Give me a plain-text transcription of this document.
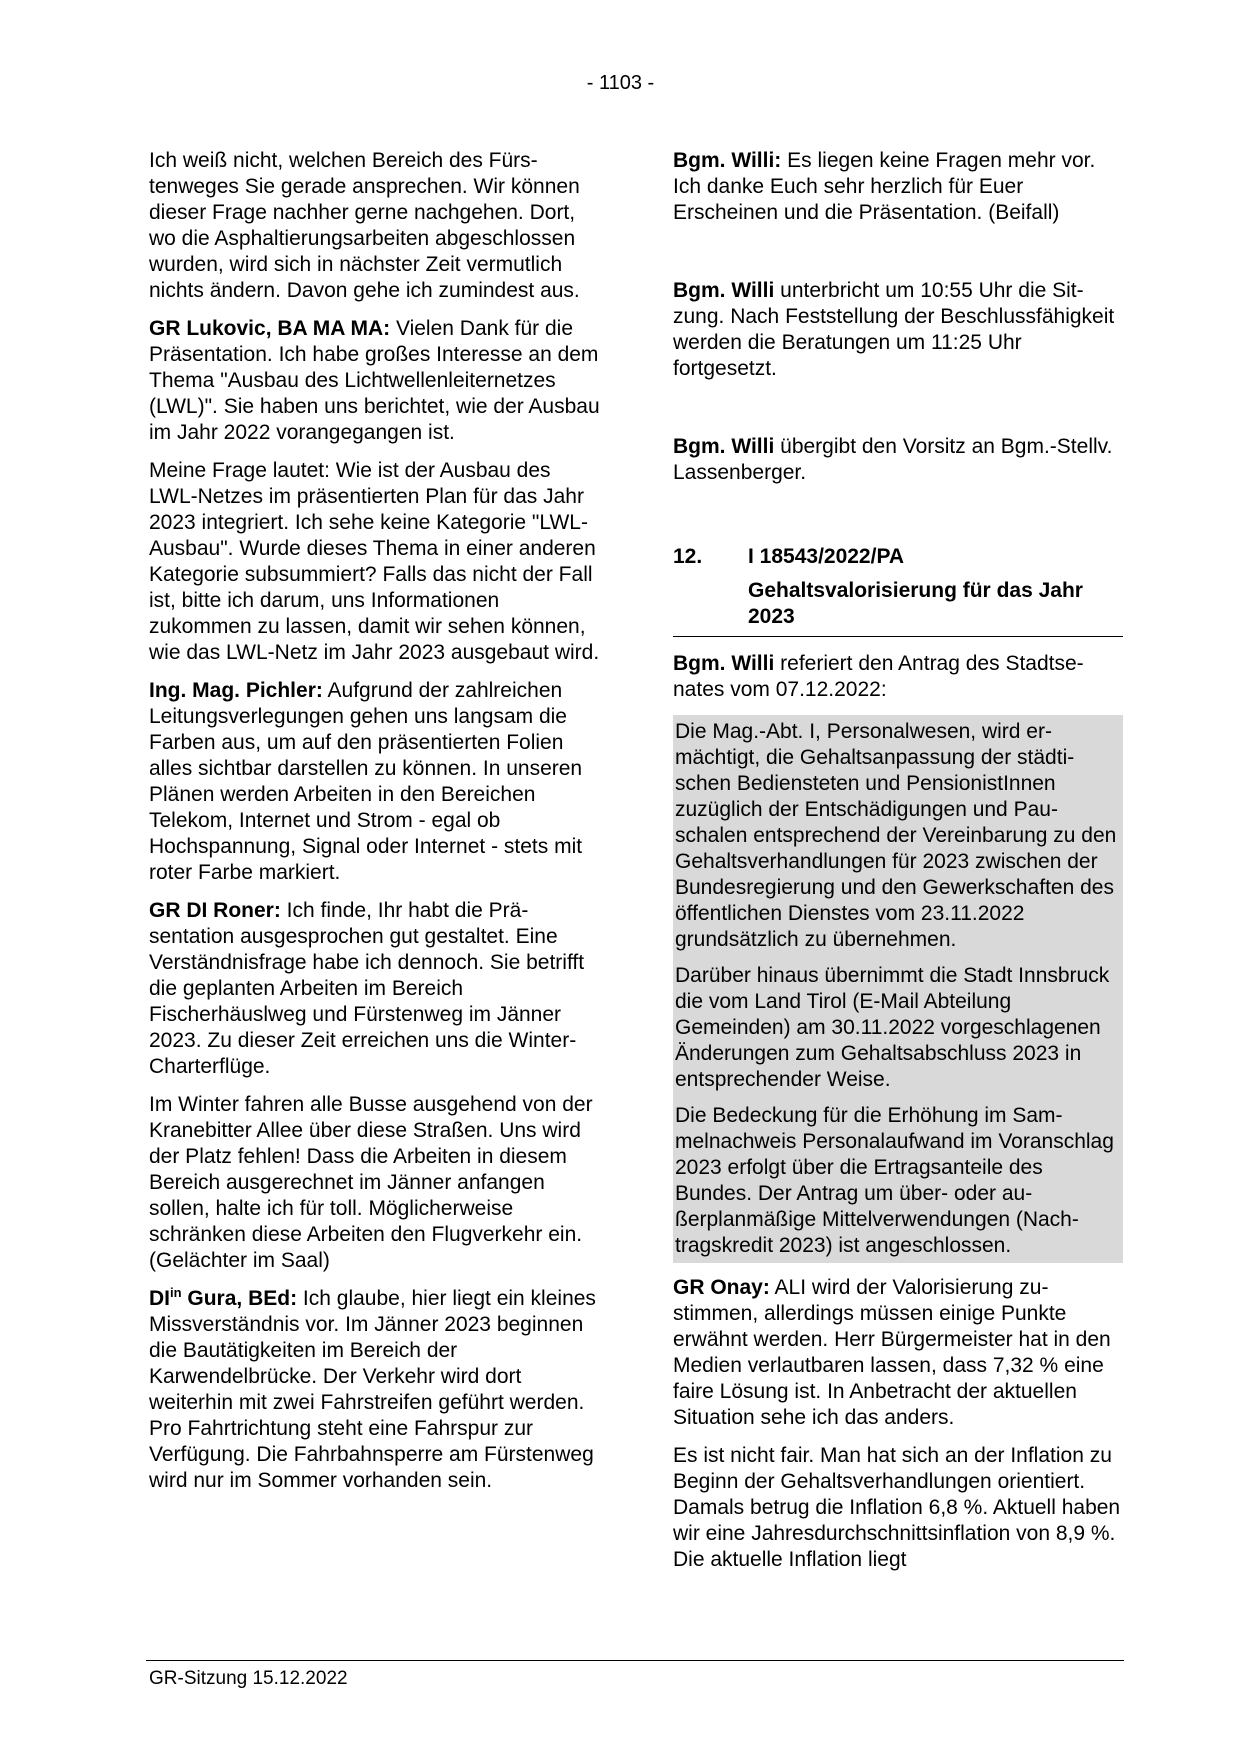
- 1103 -

Ich weiß nicht, welchen Bereich des Fürstenweges Sie gerade ansprechen. Wir können dieser Frage nachher gerne nachgehen. Dort, wo die Asphaltierungsarbeiten abgeschlossen wurden, wird sich in nächster Zeit vermutlich nichts ändern. Davon gehe ich zumindest aus.

GR Lukovic, BA MA MA: Vielen Dank für die Präsentation. Ich habe großes Interesse an dem Thema "Ausbau des Lichtwellenleiternetzes (LWL)". Sie haben uns berichtet, wie der Ausbau im Jahr 2022 vorangegangen ist.

Meine Frage lautet: Wie ist der Ausbau des LWL-Netzes im präsentierten Plan für das Jahr 2023 integriert. Ich sehe keine Kategorie "LWL-Ausbau". Wurde dieses Thema in einer anderen Kategorie subsummiert? Falls das nicht der Fall ist, bitte ich darum, uns Informationen zukommen zu lassen, damit wir sehen können, wie das LWL-Netz im Jahr 2023 ausgebaut wird.

Ing. Mag. Pichler: Aufgrund der zahlreichen Leitungsverlegungen gehen uns langsam die Farben aus, um auf den präsentierten Folien alles sichtbar darstellen zu können. In unseren Plänen werden Arbeiten in den Bereichen Telekom, Internet und Strom - egal ob Hochspannung, Signal oder Internet - stets mit roter Farbe markiert.

GR DI Roner: Ich finde, Ihr habt die Präsentation ausgesprochen gut gestaltet. Eine Verständnisfrage habe ich dennoch. Sie betrifft die geplanten Arbeiten im Bereich Fischerhäuslweg und Fürstenweg im Jänner 2023. Zu dieser Zeit erreichen uns die Winter-Charterflüge.

Im Winter fahren alle Busse ausgehend von der Kranebitter Allee über diese Straßen. Uns wird der Platz fehlen! Dass die Arbeiten in diesem Bereich ausgerechnet im Jänner anfangen sollen, halte ich für toll. Möglicherweise schränken diese Arbeiten den Flugverkehr ein. (Gelächter im Saal)

$DI^{in}$ Gura, BEd: Ich glaube, hier liegt ein kleines Missverständnis vor. Im Jänner 2023 beginnen die Bautätigkeiten im Bereich der Karwendelbrücke. Der Verkehr wird dort weiterhin mit zwei Fahrstreifen geführt werden. Pro Fahrtrichtung steht eine Fahrspur zur Verfügung. Die Fahrbahnsperre am Fürstenweg wird nur im Sommer vorhanden sein.

Bgm. Willi: Es liegen keine Fragen mehr vor. Ich danke Euch sehr herzlich für Euer Erscheinen und die Präsentation. (Beifall)

Bgm. Willi unterbricht um 10:55 Uhr die Sitzung. Nach Feststellung der Beschlussfähigkeit werden die Beratungen um 11:25 Uhr fortgesetzt.

Bgm. Willi übergibt den Vorsitz an Bgm.-Stellv. Lassenberger.

12.	I 18543/2022/PA
Gehaltsvalorisierung für das Jahr 2023

Bgm. Willi referiert den Antrag des Stadtsenates vom 07.12.2022:

Die Mag.-Abt. I, Personalwesen, wird ermächtigt, die Gehaltsanpassung der städtischen Bediensteten und PensionistInnen zuzüglich der Entschädigungen und Pauschalen entsprechend der Vereinbarung zu den Gehaltsverhandlungen für 2023 zwischen der Bundesregierung und den Gewerkschaften des öffentlichen Dienstes vom 23.11.2022 grundsätzlich zu übernehmen.

Darüber hinaus übernimmt die Stadt Innsbruck die vom Land Tirol (E-Mail Abteilung Gemeinden) am 30.11.2022 vorgeschlagenen Änderungen zum Gehaltsabschluss 2023 in entsprechender Weise.

Die Bedeckung für die Erhöhung im Sammelnachweis Personalaufwand im Voranschlag 2023 erfolgt über die Ertragsanteile des Bundes. Der Antrag um über- oder außerplanmäßige Mittelverwendungen (Nachtragskredit 2023) ist angeschlossen.

GR Onay: ALI wird der Valorisierung zustimmen, allerdings müssen einige Punkte erwähnt werden. Herr Bürgermeister hat in den Medien verlautbaren lassen, dass 7,32 % eine faire Lösung ist. In Anbetracht der aktuellen Situation sehe ich das anders.

Es ist nicht fair. Man hat sich an der Inflation zu Beginn der Gehaltsverhandlungen orientiert. Damals betrug die Inflation 6,8 %. Aktuell haben wir eine Jahresdurchschnittsinflation von 8,9 %. Die aktuelle Inflation liegt

GR-Sitzung 15.12.2022
